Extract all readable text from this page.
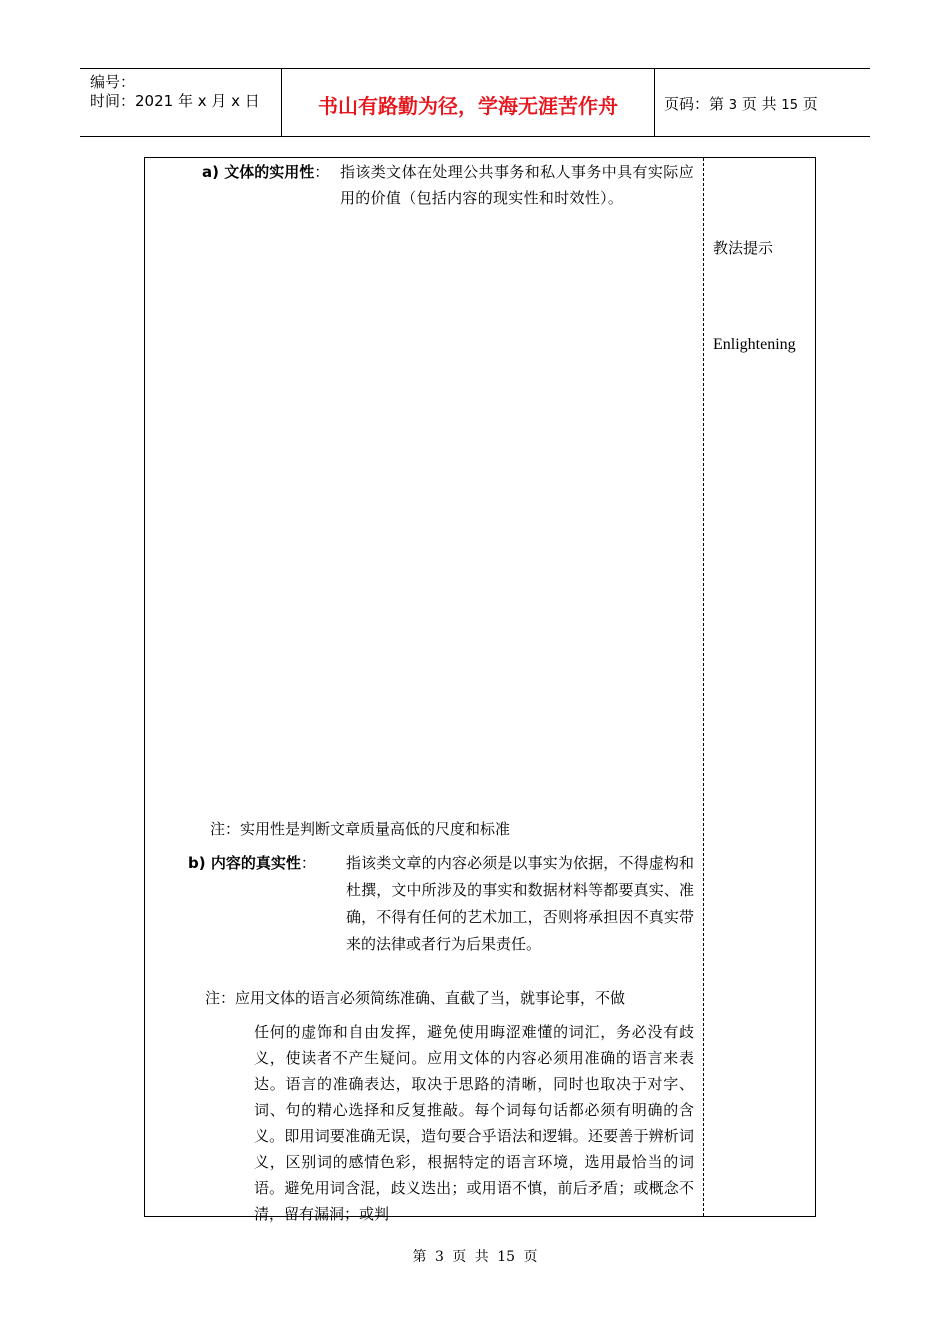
编号：
时间：2021 年 x 月 x 日	书山有路勤为径，学海无涯苦作舟	页码：第 3 页 共 15 页
教法提示
Enlightening
a) 文体的实用性： 指该类文体在处理公共事务和私人事务中具有实际应用的价值（包括内容的现实性和时效性）。
注：实用性是判断文章质量高低的尺度和标准
b) 内容的真实性： 指该类文章的内容必须是以事实为依据，不得虚构和杜撰，文中所涉及的事实和数据材料等都要真实、准确，不得有任何的艺术加工，否则将承担因不真实带来的法律或者行为后果责任。
注：应用文体的语言必须简练准确、直截了当，就事论事，不做
任何的虚饰和自由发挥，避免使用晦涩难懂的词汇，务必没有歧义，使读者不产生疑问。应用文体的内容必须用准确的语言来表达。语言的准确表达，取决于思路的清晰，同时也取决于对字、词、句的精心选择和反复推敲。每个词每句话都必须有明确的含义。即用词要准确无误，造句要合乎语法和逻辑。还要善于辨析词义，区别词的感情色彩，根据特定的语言环境，选用最恰当的词语。避免用词含混，歧义迭出；或用语不慎，前后矛盾；或概念不清，留有漏洞；或判
第 3 页 共 15 页
